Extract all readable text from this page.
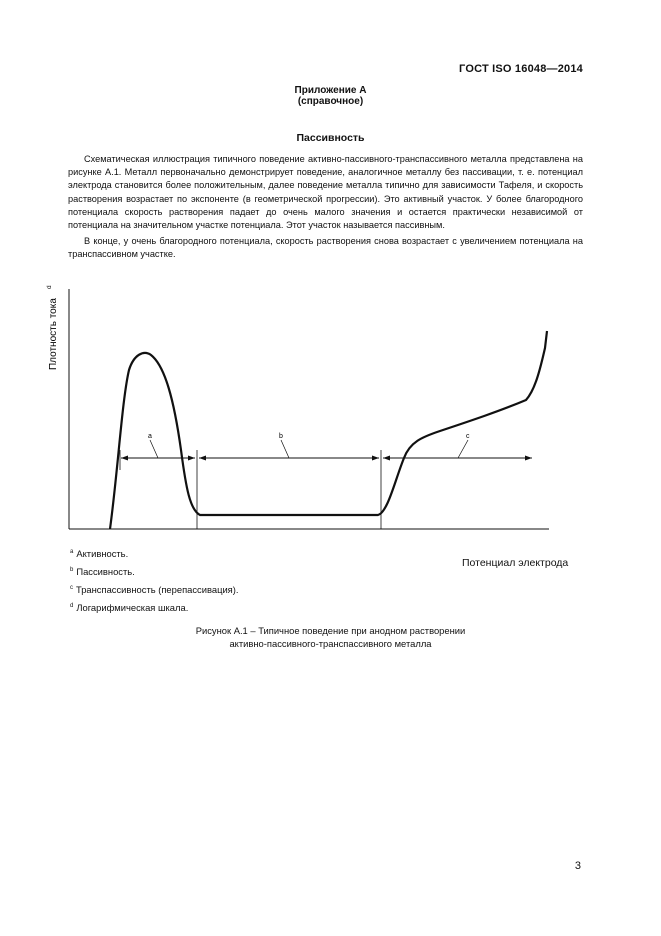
ГОСТ ISO 16048—2014
Приложение А
(справочное)
Пассивность

Схематическая иллюстрация типичного поведение активно-пассивного-транспассивного металла представлена на рисунке А.1. Металл первоначально демонстрирует поведение, аналогичное металлу без пассивации, т. е. потенциал электрода становится более положительным, далее поведение металла типично для зависимости Тафеля, и скорость растворения возрастает по экспоненте (в геометрической прогрессии). Это активный участок. У более благородного потенциала скорость растворения падает до очень малого значения и остается практически независимой от потенциала на значительном участке потенциала. Этот участок называется пассивным.

В конце, у очень благородного потенциала, скорость растворения снова возрастает с увеличением потенциала на транспассивном участке.

a	b	c
Плотность тока
d
Потенциал электрода
$^a$ Активность.
$^b$ Пассивность.
$^c$ Транспассивность (перепассивация).
$^d$ Логарифмическая шкала.
Рисунок А.1 – Типичное поведение при анодном растворении
активно-пассивного-транспассивного металла
3
